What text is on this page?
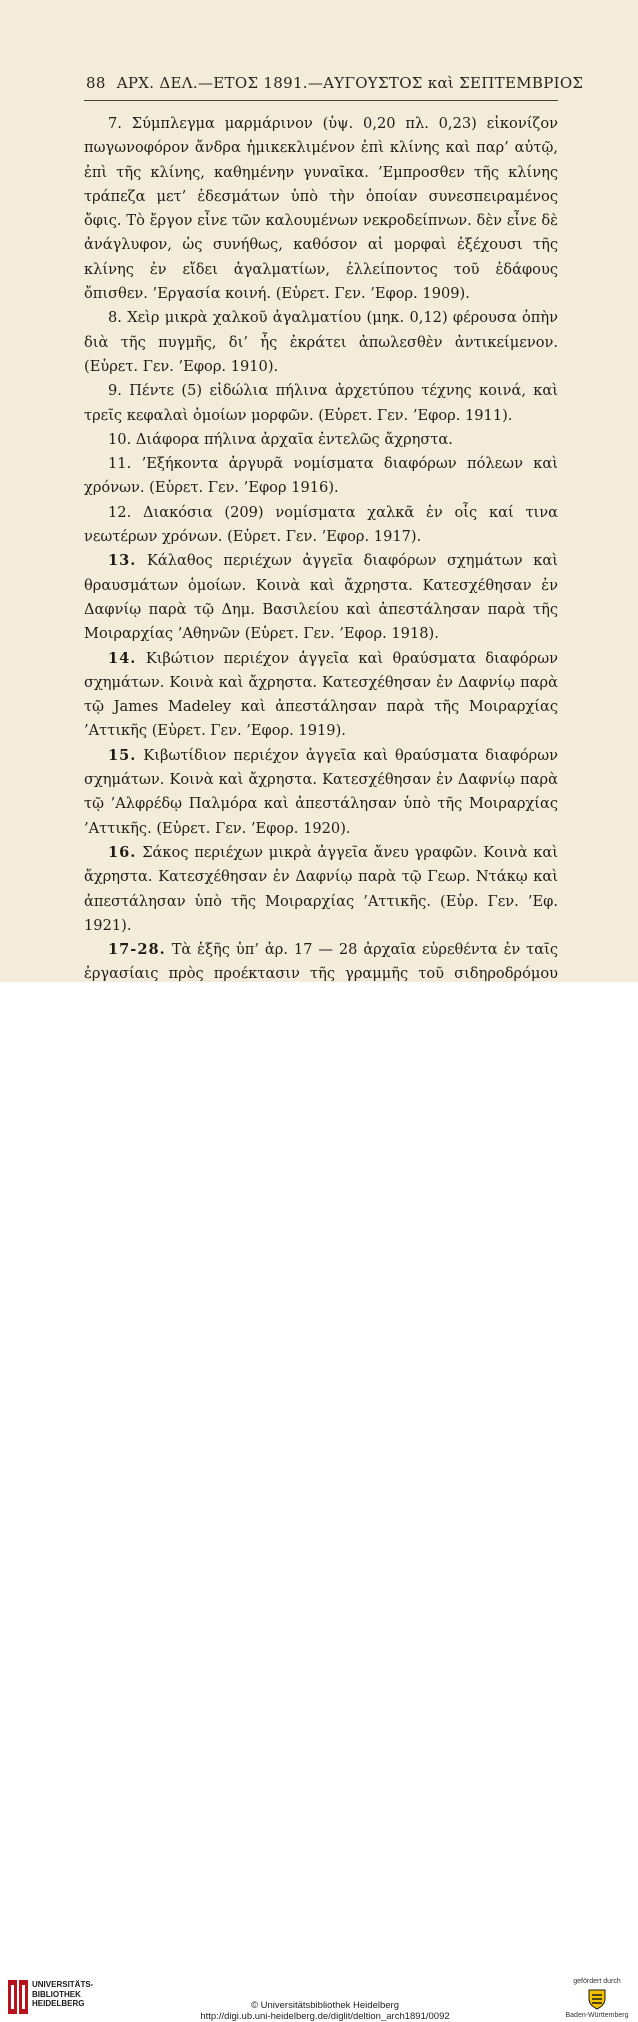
88 ΑΡΧ. ΔΕΛ.—ΕΤΟΣ 1891.—ΑΥΓΟΥΣΤΟΣ καὶ ΣΕΠΤΕΜΒΡΙΟΣ

7. Σύμπλεγμα μαρμάρινον (ὑψ. 0,20 πλ. 0,23) εἰκονίζον πωγωνοφόρον ἄνδρα ἡμικεκλιμένον ἐπὶ κλίνης καὶ παρ’ αὐτῷ, ἐπὶ τῆς κλίνης, καθημένην γυναῖκα. ’Εμπροσθεν τῆς κλίνης τράπεζα μετ’ ἐδεσμάτων ὑπὸ τὴν ὁποίαν συνεσπειραμένος ὄφις. Τὸ ἔργον εἶνε τῶν καλουμένων νεκροδείπνων. δὲν εἶνε δὲ ἀνάγλυφον, ὡς συνήθως, καθόσον αἱ μορφαὶ ἐξέχουσι τῆς κλίνης ἐν εἴδει ἀγαλματίων, ἐλλείποντος τοῦ ἐδάφους ὄπισθεν. ’Εργασία κοινή. (Εὑρετ. Γεν. ’Εφορ. 1909).

8. Χεὶρ μικρὰ χαλκοῦ ἀγαλματίου (μηκ. 0,12) φέρουσα ὀπὴν διὰ τῆς πυγμῆς, δι’ ἧς ἐκράτει ἀπωλεσθὲν ἀντικείμενον. (Εὑρετ. Γεν. ’Εφορ. 1910).

9. Πέντε (5) εἰδώλια πήλινα ἀρχετύπου τέχνης κοινά, καὶ τρεῖς κεφαλαὶ ὁμοίων μορφῶν. (Εὑρετ. Γεν. ’Εφορ. 1911).

10. Διάφορα πήλινα ἀρχαῖα ἐντελῶς ἄχρηστα.

11. ’Εξήκοντα ἀργυρᾶ νομίσματα διαφόρων πόλεων καὶ χρόνων. (Εὑρετ. Γεν. ’Εφορ 1916).

12. Διακόσια (209) νομίσματα χαλκᾶ ἐν οἷς καί τινα νεωτέρων χρόνων. (Εὑρετ. Γεν. ’Εφορ. 1917).

13. Κάλαθος περιέχων ἀγγεῖα διαφόρων σχημάτων καὶ θραυσμάτων ὁμοίων. Κοινὰ καὶ ἄχρηστα. Κατεσχέθησαν ἐν Δαφνίῳ παρὰ τῷ Δημ. Βασιλείου καὶ ἀπεστάλησαν παρὰ τῆς Μοιραρχίας ’Αθηνῶν (Εὑρετ. Γεν. ’Εφορ. 1918).

14. Κιβώτιον περιέχον ἀγγεῖα καὶ θραύσματα διαφόρων σχημάτων. Κοινὰ καὶ ἄχρηστα. Κατεσχέθησαν ἐν Δαφνίῳ παρὰ τῷ James Madeley καὶ ἀπεστάλησαν παρὰ τῆς Μοιραρχίας ’Αττικῆς (Εὑρετ. Γεν. ’Εφορ. 1919).

15. Κιβωτίδιον περιέχον ἀγγεῖα καὶ θραύσματα διαφόρων σχημάτων. Κοινὰ καὶ ἄχρηστα. Κατεσχέθησαν ἐν Δαφνίῳ παρὰ τῷ ’Αλφρέδῳ Παλμόρα καὶ ἀπεστάλησαν ὑπὸ τῆς Μοιραρχίας ’Αττικῆς. (Εὑρετ. Γεν. ’Εφορ. 1920).

16. Σάκος περιέχων μικρὰ ἀγγεῖα ἄνευ γραφῶν. Κοινὰ καὶ ἄχρηστα. Κατεσχέθησαν ἐν Δαφνίῳ παρὰ τῷ Γεωρ. Ντάκῳ καὶ ἀπεστάλησαν ὑπὸ τῆς Μοιραρχίας ’Αττικῆς. (Εὑρ. Γεν. ’Εφ. 1921).

17-28. Τὰ ἑξῆς ὑπ’ ἀρ. 17 — 28 ἀρχαῖα εὑρεθέντα ἐν ταῖς ἐργασίαις πρὸς προέκτασιν τῆς γραμμῆς τοῦ σιδηροδρόμου

UNIVERSITÄTS-
BIBLIOTHEK
HEIDELBERG	© Universitätsbibliothek Heidelberg
http://digi.ub.uni-heidelberg.de/diglit/deltion_arch1891/0092
gefördert durch
Baden-Württemberg
